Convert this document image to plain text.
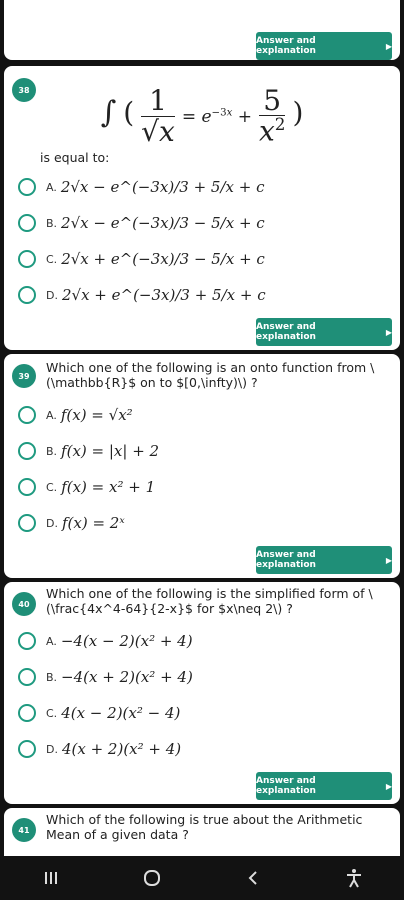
Answer and explanation	▶
38
∫ ( $\frac{1}{√x} = e^{-3x} + \frac{5}{x^2}$ )
is equal to:
A. 2√x − e^(−3x)/3 + 5/x + c
B. 2√x − e^(−3x)/3 − 5/x + c
C. 2√x + e^(−3x)/3 − 5/x + c
D. 2√x + e^(−3x)/3 + 5/x + c
Answer and explanation	▶
39
Which one of the following is an onto function from \(\mathbb{R}$ on to $[0,\infty)\) ?
A. f(x) = √x²
B. f(x) = |x| + 2
C. f(x) = x² + 1
D. f(x) = 2ˣ
Answer and explanation	▶
40
Which one of the following is the simplified form of \(\frac{4x^4-64}{2-x}$ for $x\neq 2\) ?
A. −4(x − 2)(x² + 4)
B. −4(x + 2)(x² + 4)
C. 4(x − 2)(x² − 4)
D. 4(x + 2)(x² + 4)
Answer and explanation	▶
41
Which of the following is true about the Arithmetic Mean of a given data ?
